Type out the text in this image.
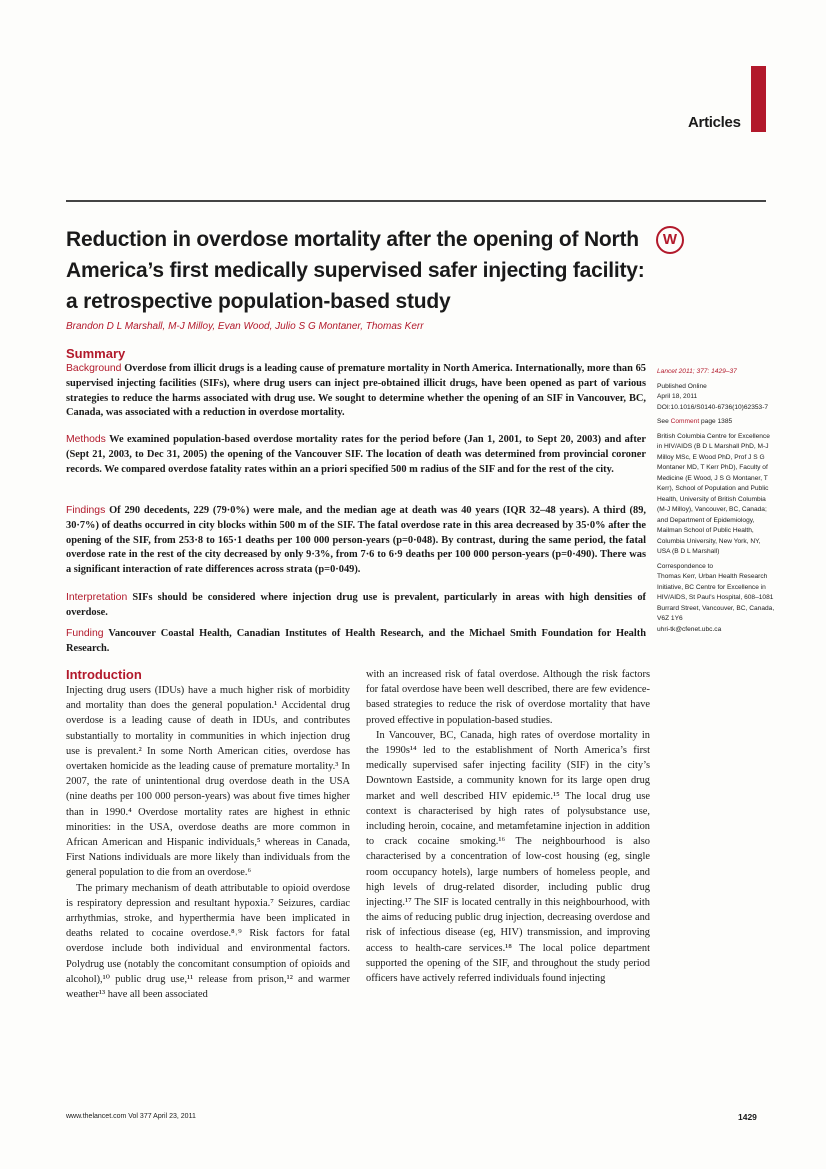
Articles
Reduction in overdose mortality after the opening of North America’s first medically supervised safer injecting facility: a retrospective population-based study
W
Brandon D L Marshall, M-J Milloy, Evan Wood, Julio S G Montaner, Thomas Kerr
Summary

Background Overdose from illicit drugs is a leading cause of premature mortality in North America. Internationally, more than 65 supervised injecting facilities (SIFs), where drug users can inject pre-obtained illicit drugs, have been opened as part of various strategies to reduce the harms associated with drug use. We sought to determine whether the opening of an SIF in Vancouver, BC, Canada, was associated with a reduction in overdose mortality.

Methods We examined population-based overdose mortality rates for the period before (Jan 1, 2001, to Sept 20, 2003) and after (Sept 21, 2003, to Dec 31, 2005) the opening of the Vancouver SIF. The location of death was determined from provincial coroner records. We compared overdose fatality rates within an a priori specified 500 m radius of the SIF and for the rest of the city.

Findings Of 290 decedents, 229 (79·0%) were male, and the median age at death was 40 years (IQR 32–48 years). A third (89, 30·7%) of deaths occurred in city blocks within 500 m of the SIF. The fatal overdose rate in this area decreased by 35·0% after the opening of the SIF, from 253·8 to 165·1 deaths per 100 000 person-years (p=0·048). By contrast, during the same period, the fatal overdose rate in the rest of the city decreased by only 9·3%, from 7·6 to 6·9 deaths per 100 000 person-years (p=0·490). There was a significant interaction of rate differences across strata (p=0·049).

Interpretation SIFs should be considered where injection drug use is prevalent, particularly in areas with high densities of overdose.

Funding Vancouver Coastal Health, Canadian Institutes of Health Research, and the Michael Smith Foundation for Health Research.

Lancet 2011; 377: 1429–37
Published Online
April 18, 2011
DOI:10.1016/S0140-6736(10)62353-7
See Comment page 1385
British Columbia Centre for Excellence in HIV/AIDS (B D L Marshall PhD, M-J Milloy MSc, E Wood PhD, Prof J S G Montaner MD, T Kerr PhD), Faculty of Medicine (E Wood, J S G Montaner, T Kerr), School of Population and Public Health, University of British Columbia (M-J Milloy), Vancouver, BC, Canada; and Department of Epidemiology, Mailman School of Public Health, Columbia University, New York, NY, USA (B D L Marshall)
Correspondence to
Thomas Kerr, Urban Health Research Initiative, BC Centre for Excellence in HIV/AIDS, St Paul’s Hospital, 608–1081 Burrard Street, Vancouver, BC, Canada, V6Z 1Y6
uhri-tk@cfenet.ubc.ca
Introduction

Injecting drug users (IDUs) have a much higher risk of morbidity and mortality than does the general population.¹ Accidental drug overdose is a leading cause of death in IDUs, and contributes substantially to mortality in communities in which injection drug use is prevalent.² In some North American cities, overdose has overtaken homicide as the leading cause of premature mortality.³ In 2007, the rate of unintentional drug overdose death in the USA (nine deaths per 100 000 person-years) was about five times higher than in 1990.⁴ Overdose mortality rates are highest in ethnic minorities: in the USA, overdose deaths are more common in African American and Hispanic individuals,⁵ whereas in Canada, First Nations individuals are more likely than individuals from the general population to die from an overdose.⁶

The primary mechanism of death attributable to opioid overdose is respiratory depression and resultant hypoxia.⁷ Seizures, cardiac arrhythmias, stroke, and hyperthermia have been implicated in deaths related to cocaine overdose.⁸˒⁹ Risk factors for fatal overdose include both individual and environmental factors. Polydrug use (notably the concomitant consumption of opioids and alcohol),¹⁰ public drug use,¹¹ release from prison,¹² and warmer weather¹³ have all been associated

with an increased risk of fatal overdose. Although the risk factors for fatal overdose have been well described, there are few evidence-based strategies to reduce the risk of overdose mortality that have proved effective in population-based studies.

In Vancouver, BC, Canada, high rates of overdose mortality in the 1990s¹⁴ led to the establishment of North America’s first medically supervised safer injecting facility (SIF) in the city’s Downtown Eastside, a community known for its large open drug market and well described HIV epidemic.¹⁵ The local drug use context is characterised by high rates of polysubstance use, including heroin, cocaine, and metamfetamine injection in addition to crack cocaine smoking.¹⁶ The neighbourhood is also characterised by a concentration of low-cost housing (eg, single room occupancy hotels), large numbers of homeless people, and high levels of drug-related disorder, including public drug injecting.¹⁷ The SIF is located centrally in this neighbourhood, with the aims of reducing public drug injection, decreasing overdose and risk of infectious disease (eg, HIV) transmission, and improving access to health-care services.¹⁸ The local police department supported the opening of the SIF, and throughout the study period officers have actively referred individuals found injecting

www.thelancet.com Vol 377 April 23, 2011	1429
